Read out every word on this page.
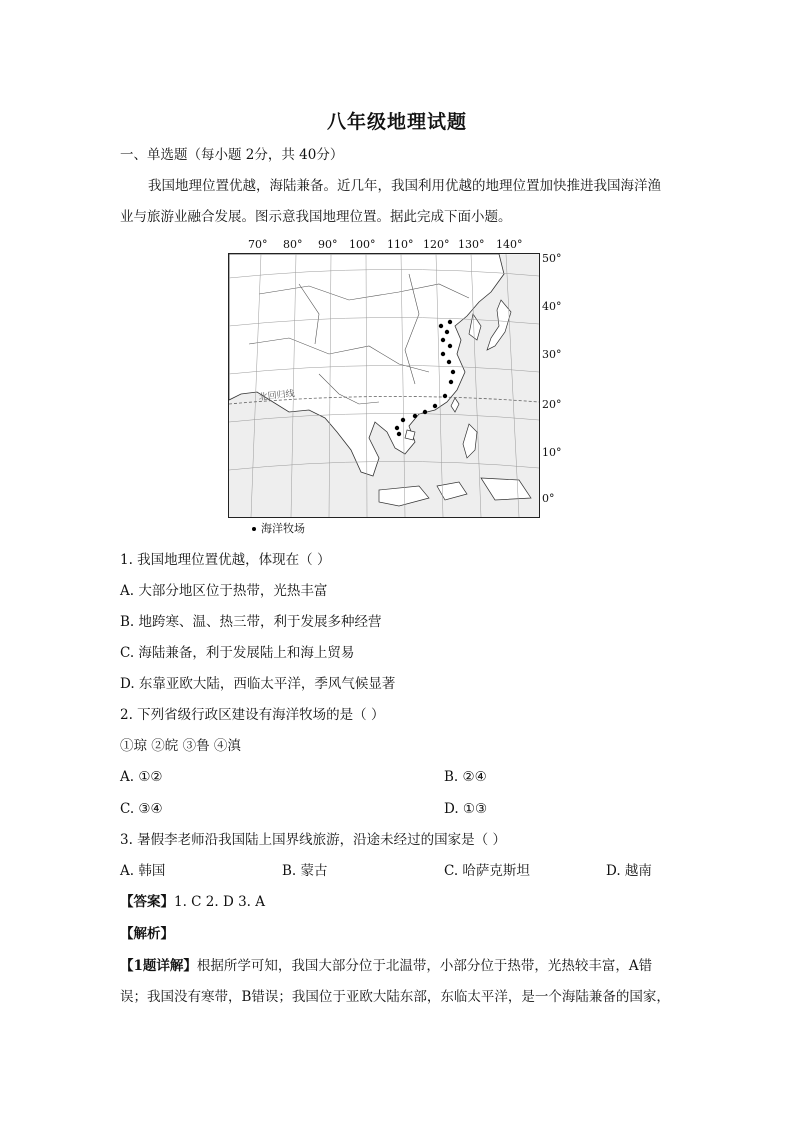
八年级地理试题
一、单选题（每小题 2分，共 40分）
我国地理位置优越，海陆兼备。近几年，我国利用优越的地理位置加快推进我国海洋渔
业与旅游业融合发展。图示意我国地理位置。据此完成下面小题。
70° 80° 90° 100° 110° 120° 130° 140°
50°
40°
30°
20°
10°
0°
北回归线
海洋牧场
1. 我国地理位置优越，体现在（ ）
A. 大部分地区位于热带，光热丰富
B. 地跨寒、温、热三带，利于发展多种经营
C. 海陆兼备，利于发展陆上和海上贸易
D. 东靠亚欧大陆，西临太平洋，季风气候显著
2. 下列省级行政区建设有海洋牧场的是（ ）
①琼 ②皖 ③鲁 ④滇
A. ①②	B. ②④
C. ③④	D. ①③
3. 暑假李老师沿我国陆上国界线旅游，沿途未经过的国家是（ ）
A. 韩国	B. 蒙古	C. 哈萨克斯坦	D. 越南
【答案】1. C 2. D 3. A
【解析】
【1题详解】根据所学可知，我国大部分位于北温带，小部分位于热带，光热较丰富，A错
误；我国没有寒带，B错误；我国位于亚欧大陆东部，东临太平洋，是一个海陆兼备的国家，
